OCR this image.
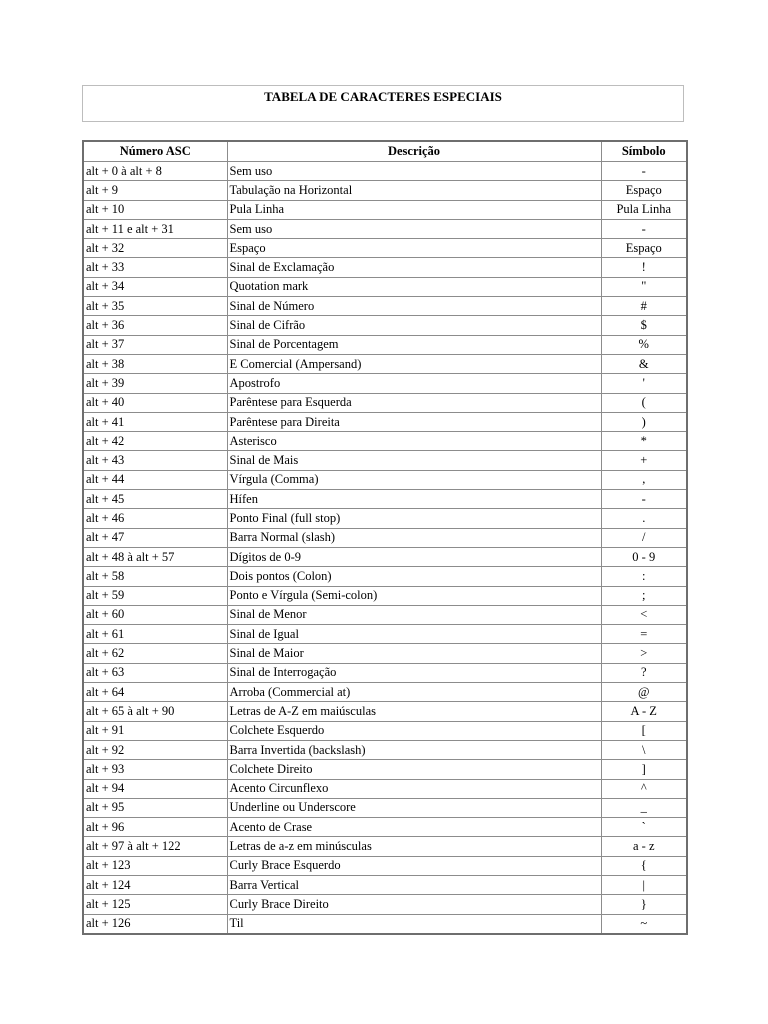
TABELA DE CARACTERES ESPECIAIS
Número ASC	Descrição	Símbolo
alt + 0 à alt + 8	Sem uso	-
alt + 9	Tabulação na Horizontal	Espaço
alt + 10	Pula Linha	Pula Linha
alt + 11 e alt + 31	Sem uso	-
alt + 32	Espaço	Espaço
alt + 33	Sinal de Exclamação	!
alt + 34	Quotation mark	"
alt + 35	Sinal de Número	#
alt + 36	Sinal de Cifrão	$
alt + 37	Sinal de Porcentagem	%
alt + 38	E Comercial (Ampersand)	&
alt + 39	Apostrofo	'
alt + 40	Parêntese para Esquerda	(
alt + 41	Parêntese para Direita	)
alt + 42	Asterisco	*
alt + 43	Sinal de Mais	+
alt + 44	Vírgula (Comma)	,
alt + 45	Hífen	-
alt + 46	Ponto Final (full stop)	.
alt + 47	Barra Normal (slash)	/
alt + 48 à alt + 57	Dígitos de 0-9	0 - 9
alt + 58	Dois pontos (Colon)	:
alt + 59	Ponto e Vírgula (Semi-colon)	;
alt + 60	Sinal de Menor	<
alt + 61	Sinal de Igual	=
alt + 62	Sinal de Maior	>
alt + 63	Sinal de Interrogação	?
alt + 64	Arroba (Commercial at)	@
alt + 65 à alt + 90	Letras de A-Z em maiúsculas	A - Z
alt + 91	Colchete Esquerdo	[
alt + 92	Barra Invertida (backslash)	\
alt + 93	Colchete Direito	]
alt + 94	Acento Circunflexo	^
alt + 95	Underline ou Underscore	_
alt + 96	Acento de Crase	`
alt + 97 à alt + 122	Letras de a-z em minúsculas	a - z
alt + 123	Curly Brace Esquerdo	{
alt + 124	Barra Vertical	|
alt + 125	Curly Brace Direito	}
alt + 126	Til	~
